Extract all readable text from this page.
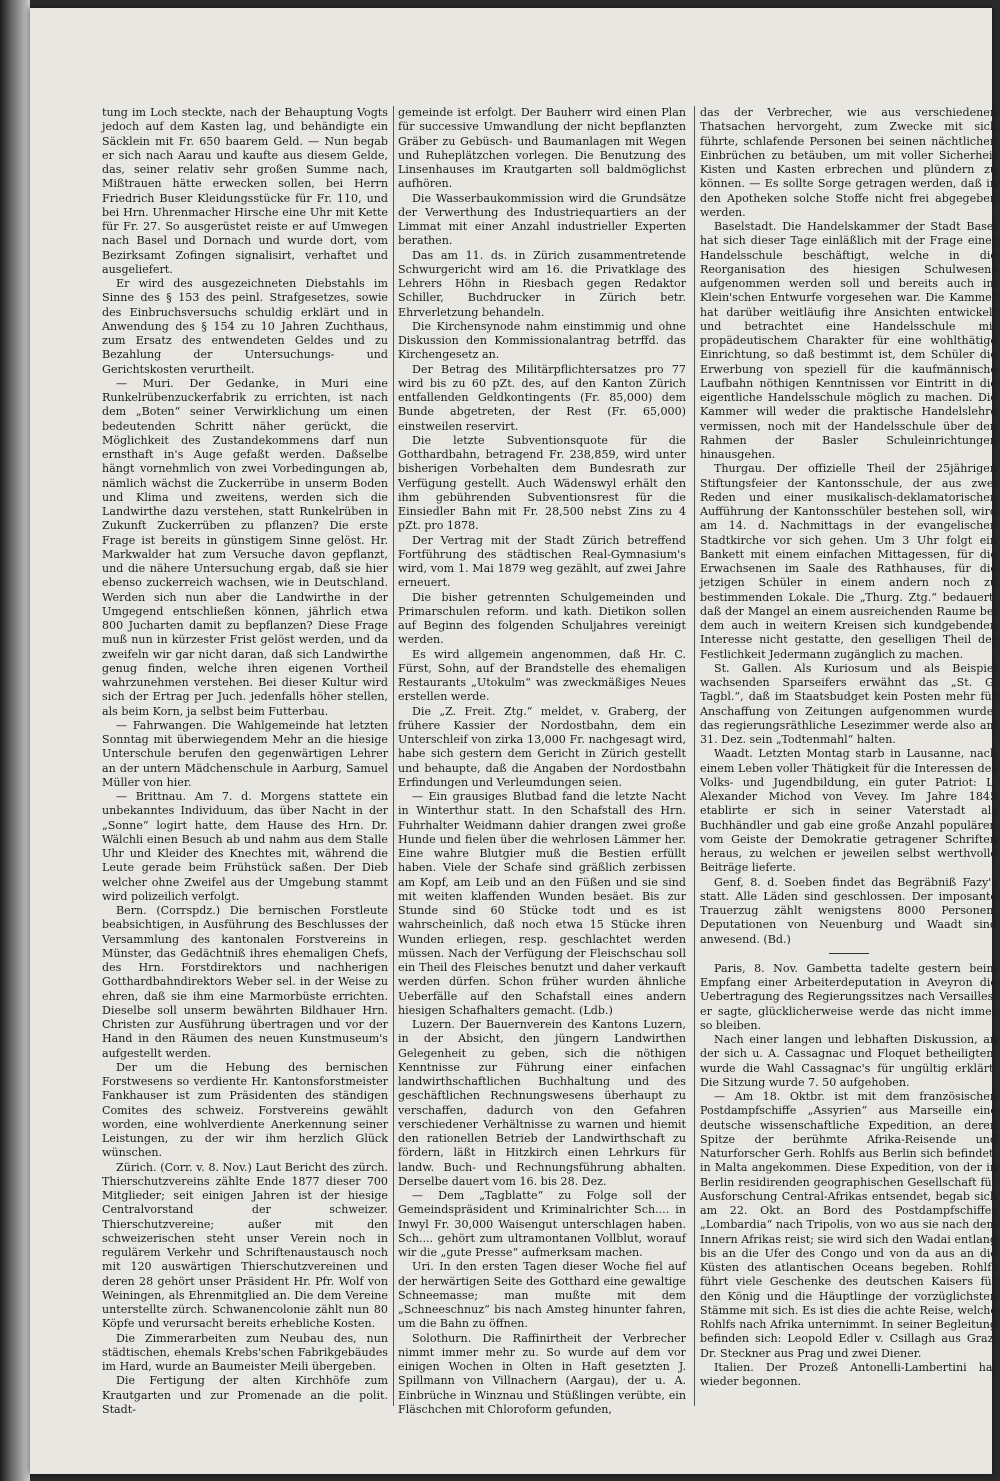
tung im Loch steckte, nach der Behauptung Vogts jedoch auf dem Kasten lag, und behändigte ein Säcklein mit Fr. 650 baarem Geld. — Nun begab er sich nach Aarau und kaufte aus diesem Gelde, das, seiner relativ sehr großen Summe nach, Mißtrauen hätte erwecken sollen, bei Herrn Friedrich Buser Kleidungsstücke für Fr. 110, und bei Hrn. Uhrenmacher Hirsche eine Uhr mit Kette für Fr. 27. So ausgerüstet reiste er auf Umwegen nach Basel und Dornach und wurde dort, vom Bezirksamt Zofingen signalisirt, verhaftet und ausgeliefert.

Er wird des ausgezeichneten Diebstahls im Sinne des § 153 des peinl. Strafgesetzes, sowie des Einbruchsversuchs schuldig erklärt und in Anwendung des § 154 zu 10 Jahren Zuchthaus, zum Ersatz des entwendeten Geldes und zu Bezahlung der Untersuchungs- und Gerichtskosten verurtheilt.

— Muri. Der Gedanke, in Muri eine Runkelrübenzuckerfabrik zu errichten, ist nach dem „Boten“ seiner Verwirklichung um einen bedeutenden Schritt näher gerückt, die Möglichkeit des Zustandekommens darf nun ernsthaft in's Auge gefaßt werden. Daßselbe hängt vornehmlich von zwei Vorbedingungen ab, nämlich wächst die Zuckerrübe in unserm Boden und Klima und zweitens, werden sich die Landwirthe dazu verstehen, statt Runkelrüben in Zukunft Zuckerrüben zu pflanzen? Die erste Frage ist bereits in günstigem Sinne gelöst. Hr. Markwalder hat zum Versuche davon gepflanzt, und die nähere Untersuchung ergab, daß sie hier ebenso zuckerreich wachsen, wie in Deutschland. Werden sich nun aber die Landwirthe in der Umgegend entschließen können, jährlich etwa 800 Jucharten damit zu bepflanzen? Diese Frage muß nun in kürzester Frist gelöst werden, und da zweifeln wir gar nicht daran, daß sich Landwirthe genug finden, welche ihren eigenen Vortheil wahrzunehmen verstehen. Bei dieser Kultur wird sich der Ertrag per Juch. jedenfalls höher stellen, als beim Korn, ja selbst beim Futterbau.

— Fahrwangen. Die Wahlgemeinde hat letzten Sonntag mit überwiegendem Mehr an die hiesige Unterschule berufen den gegenwärtigen Lehrer an der untern Mädchenschule in Aarburg, Samuel Müller von hier.

— Brittnau. Am 7. d. Morgens stattete ein unbekanntes Individuum, das über Nacht in der „Sonne“ logirt hatte, dem Hause des Hrn. Dr. Wälchli einen Besuch ab und nahm aus dem Stalle Uhr und Kleider des Knechtes mit, während die Leute gerade beim Frühstück saßen. Der Dieb welcher ohne Zweifel aus der Umgebung stammt wird polizeilich verfolgt.

Bern. (Corrspdz.) Die bernischen Forstleute beabsichtigen, in Ausführung des Beschlusses der Versammlung des kantonalen Forstvereins in Münster, das Gedächtniß ihres ehemaligen Chefs, des Hrn. Forstdirektors und nachherigen Gotthardbahndirektors Weber sel. in der Weise zu ehren, daß sie ihm eine Marmorbüste errichten. Dieselbe soll unserm bewährten Bildhauer Hrn. Christen zur Ausführung übertragen und vor der Hand in den Räumen des neuen Kunstmuseum's aufgestellt werden.

Der um die Hebung des bernischen Forstwesens so verdiente Hr. Kantonsforstmeister Fankhauser ist zum Präsidenten des ständigen Comites des schweiz. Forstvereins gewählt worden, eine wohlverdiente Anerkennung seiner Leistungen, zu der wir ihm herzlich Glück wünschen.

Zürich. (Corr. v. 8. Nov.) Laut Bericht des zürch. Thierschutzvereins zählte Ende 1877 dieser 700 Mitglieder; seit einigen Jahren ist der hiesige Centralvorstand der schweizer. Thierschutzvereine; außer mit den schweizerischen steht unser Verein noch in regulärem Verkehr und Schriftenaustausch noch mit 120 auswärtigen Thierschutzvereinen und deren 28 gehört unser Präsident Hr. Pfr. Wolf von Weiningen, als Ehrenmitglied an. Die dem Vereine unterstellte zürch. Schwanencolonie zählt nun 80 Köpfe und verursacht bereits erhebliche Kosten.

Die Zimmerarbeiten zum Neubau des, nun städtischen, ehemals Krebs'schen Fabrikgebäudes im Hard, wurde an Baumeister Meili übergeben.

Die Fertigung der alten Kirchhöfe zum Krautgarten und zur Promenade an die polit. Stadt-

gemeinde ist erfolgt. Der Bauherr wird einen Plan für successive Umwandlung der nicht bepflanzten Gräber zu Gebüsch- und Baumanlagen mit Wegen und Ruheplätzchen vorlegen. Die Benutzung des Linsenhauses im Krautgarten soll baldmöglichst aufhören.

Die Wasserbaukommission wird die Grundsätze der Verwerthung des Industriequartiers an der Limmat mit einer Anzahl industrieller Experten berathen.

Das am 11. ds. in Zürich zusammentretende Schwurgericht wird am 16. die Privatklage des Lehrers Höhn in Riesbach gegen Redaktor Schiller, Buchdrucker in Zürich betr. Ehrverletzung behandeln.

Die Kirchensynode nahm einstimmig und ohne Diskussion den Kommissionalantrag betrffd. das Kirchengesetz an.

Der Betrag des Militärpflichtersatzes pro 77 wird bis zu 60 pZt. des, auf den Kanton Zürich entfallenden Geldkontingents (Fr. 85,000) dem Bunde abgetreten, der Rest (Fr. 65,000) einstweilen reservirt.

Die letzte Subventionsquote für die Gotthardbahn, betragend Fr. 238,859, wird unter bisherigen Vorbehalten dem Bundesrath zur Verfügung gestellt. Auch Wädenswyl erhält den ihm gebührenden Subventionsrest für die Einsiedler Bahn mit Fr. 28,500 nebst Zins zu 4 pZt. pro 1878.

Der Vertrag mit der Stadt Zürich betreffend Fortführung des städtischen Real-Gymnasium's wird, vom 1. Mai 1879 weg gezählt, auf zwei Jahre erneuert.

Die bisher getrennten Schulgemeinden und Primarschulen reform. und kath. Dietikon sollen auf Beginn des folgenden Schuljahres vereinigt werden.

Es wird allgemein angenommen, daß Hr. C. Fürst, Sohn, auf der Brandstelle des ehemaligen Restaurants „Utokulm“ was zweckmäßiges Neues erstellen werde.

Die „Z. Freit. Ztg.“ meldet, v. Graberg, der frühere Kassier der Nordostbahn, dem ein Unterschleif von zirka 13,000 Fr. nachgesagt wird, habe sich gestern dem Gericht in Zürich gestellt und behaupte, daß die Angaben der Nordostbahn Erfindungen und Verleumdungen seien.

— Ein grausiges Blutbad fand die letzte Nacht in Winterthur statt. In den Schafstall des Hrn. Fuhrhalter Weidmann dahier drangen zwei große Hunde und fielen über die wehrlosen Lämmer her. Eine wahre Blutgier muß die Bestien erfüllt haben. Viele der Schafe sind gräßlich zerbissen am Kopf, am Leib und an den Füßen und sie sind mit weiten klaffenden Wunden besäet. Bis zur Stunde sind 60 Stücke todt und es ist wahrscheinlich, daß noch etwa 15 Stücke ihren Wunden erliegen, resp. geschlachtet werden müssen. Nach der Verfügung der Fleischschau soll ein Theil des Fleisches benutzt und daher verkauft werden dürfen. Schon früher wurden ähnliche Ueberfälle auf den Schafstall eines andern hiesigen Schafhalters gemacht. (Ldb.)

Luzern. Der Bauernverein des Kantons Luzern, in der Absicht, den jüngern Landwirthen Gelegenheit zu geben, sich die nöthigen Kenntnisse zur Führung einer einfachen landwirthschaftlichen Buchhaltung und des geschäftlichen Rechnungswesens überhaupt zu verschaffen, dadurch von den Gefahren verschiedener Verhältnisse zu warnen und hiemit den rationellen Betrieb der Landwirthschaft zu fördern, läßt in Hitzkirch einen Lehrkurs für landw. Buch- und Rechnungsführung abhalten. Derselbe dauert vom 16. bis 28. Dez.

— Dem „Tagblatte“ zu Folge soll der Gemeindspräsident und Kriminalrichter Sch.... in Inwyl Fr. 30,000 Waisengut unterschlagen haben. Sch.... gehört zum ultramontanen Vollblut, worauf wir die „gute Presse“ aufmerksam machen.

Uri. In den ersten Tagen dieser Woche fiel auf der herwärtigen Seite des Gotthard eine gewaltige Schneemasse; man mußte mit dem „Schneeschnuz“ bis nach Amsteg hinunter fahren, um die Bahn zu öffnen.

Solothurn. Die Raffinirtheit der Verbrecher nimmt immer mehr zu. So wurde auf dem vor einigen Wochen in Olten in Haft gesetzten J. Spillmann von Villnachern (Aargau), der u. A. Einbrüche in Winznau und Stüßlingen verübte, ein Fläschchen mit Chloroform gefunden,

das der Verbrecher, wie aus verschiedenen Thatsachen hervorgeht, zum Zwecke mit sich führte, schlafende Personen bei seinen nächtlichen Einbrüchen zu betäuben, um mit voller Sicherheit Kisten und Kasten erbrechen und plündern zu können. — Es sollte Sorge getragen werden, daß in den Apotheken solche Stoffe nicht frei abgegeben werden.

Baselstadt. Die Handelskammer der Stadt Basel hat sich dieser Tage einläßlich mit der Frage einer Handelsschule beschäftigt, welche in die Reorganisation des hiesigen Schulwesens aufgenommen werden soll und bereits auch im Klein'schen Entwurfe vorgesehen war. Die Kammer hat darüber weitläufig ihre Ansichten entwickelt und betrachtet eine Handelsschule mit propädeutischem Charakter für eine wohlthätige Einrichtung, so daß bestimmt ist, dem Schüler die Erwerbung von speziell für die kaufmännische Laufbahn nöthigen Kenntnissen vor Eintritt in die eigentliche Handelsschule möglich zu machen. Die Kammer will weder die praktische Handelslehre vermissen, noch mit der Handelsschule über den Rahmen der Basler Schuleinrichtungen hinausgehen.

Thurgau. Der offizielle Theil der 25jährigen Stiftungsfeier der Kantonsschule, der aus zwei Reden und einer musikalisch-deklamatorischen Aufführung der Kantonsschüler bestehen soll, wird am 14. d. Nachmittags in der evangelischen Stadtkirche vor sich gehen. Um 3 Uhr folgt ein Bankett mit einem einfachen Mittagessen, für die Erwachsenen im Saale des Rathhauses, für die jetzigen Schüler in einem andern noch zu bestimmenden Lokale. Die „Thurg. Ztg.“ bedauert, daß der Mangel an einem ausreichenden Raume bei dem auch in weitern Kreisen sich kundgebenden Interesse nicht gestatte, den geselligen Theil der Festlichkeit Jedermann zugänglich zu machen.

St. Gallen. Als Kuriosum und als Beispiel wachsenden Sparseifers erwähnt das „St. G. Tagbl.“, daß im Staatsbudget kein Posten mehr für Anschaffung von Zeitungen aufgenommen wurde; das regierungsräthliche Lesezimmer werde also am 31. Dez. sein „Todtenmahl“ halten.

Waadt. Letzten Montag starb in Lausanne, nach einem Leben voller Thätigkeit für die Interessen des Volks- und Jugendbildung, ein guter Patriot: L. Alexander Michod von Vevey. Im Jahre 1845 etablirte er sich in seiner Vaterstadt als Buchhändler und gab eine große Anzahl populärer, vom Geiste der Demokratie getragener Schriften heraus, zu welchen er jeweilen selbst werthvolle Beiträge lieferte.

Genf, 8. d. Soeben findet das Begräbniß Fazy's statt. Alle Läden sind geschlossen. Der imposante Trauerzug zählt wenigstens 8000 Personen. Deputationen von Neuenburg und Waadt sind anwesend. (Bd.)

Paris, 8. Nov. Gambetta tadelte gestern beim Empfang einer Arbeiterdeputation in Aveyron die Uebertragung des Regierungssitzes nach Versailles; er sagte, glücklicherweise werde das nicht immer so bleiben.

Nach einer langen und lebhaften Diskussion, an der sich u. A. Cassagnac und Floquet betheiligten, wurde die Wahl Cassagnac's für ungültig erklärt. Die Sitzung wurde 7. 50 aufgehoben.

— Am 18. Oktbr. ist mit dem französischen Postdampfschiffe „Assyrien“ aus Marseille eine deutsche wissenschaftliche Expedition, an deren Spitze der berühmte Afrika-Reisende und Naturforscher Gerh. Rohlfs aus Berlin sich befindet, in Malta angekommen. Diese Expedition, von der in Berlin residirenden geographischen Gesellschaft für Ausforschung Central-Afrikas entsendet, begab sich am 22. Okt. an Bord des Postdampfschiffes „Lombardia“ nach Tripolis, von wo aus sie nach dem Innern Afrikas reist; sie wird sich den Wadai entlang bis an die Ufer des Congo und von da aus an die Küsten des atlantischen Oceans begeben. Rohlfs führt viele Geschenke des deutschen Kaisers für den König und die Häuptlinge der vorzüglichsten Stämme mit sich. Es ist dies die achte Reise, welche Rohlfs nach Afrika unternimmt. In seiner Begleitung befinden sich: Leopold Edler v. Csillagh aus Graz, Dr. Steckner aus Prag und zwei Diener.

Italien. Der Prozeß Antonelli-Lambertini hat wieder begonnen.
